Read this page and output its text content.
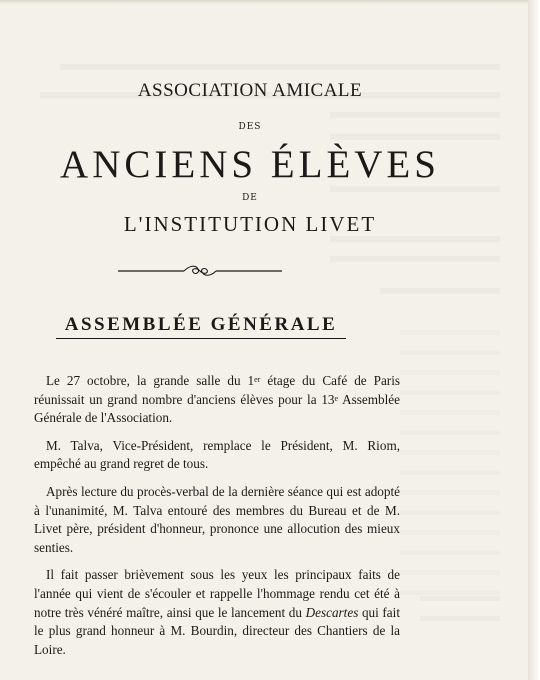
ASSOCIATION AMICALE
DES
ANCIENS ÉLÈVES
DE
L'INSTITUTION LIVET
ASSEMBLÉE GÉNÉRALE

Le 27 octobre, la grande salle du 1er étage du Café de Paris réunissait un grand nombre d'anciens élèves pour la 13e Assemblée Générale de l'Association.

M. Talva, Vice-Président, remplace le Président, M. Riom, empêché au grand regret de tous.

Après lecture du procès-verbal de la dernière séance qui est adopté à l'unanimité, M. Talva entouré des membres du Bureau et de M. Livet père, président d'honneur, prononce une allocution des mieux senties.

Il fait passer brièvement sous les yeux les principaux faits de l'année qui vient de s'écouler et rappelle l'hommage rendu cet été à notre très vénéré maître, ainsi que le lancement du Descartes qui fait le plus grand honneur à M. Bourdin, directeur des Chantiers de la Loire.
